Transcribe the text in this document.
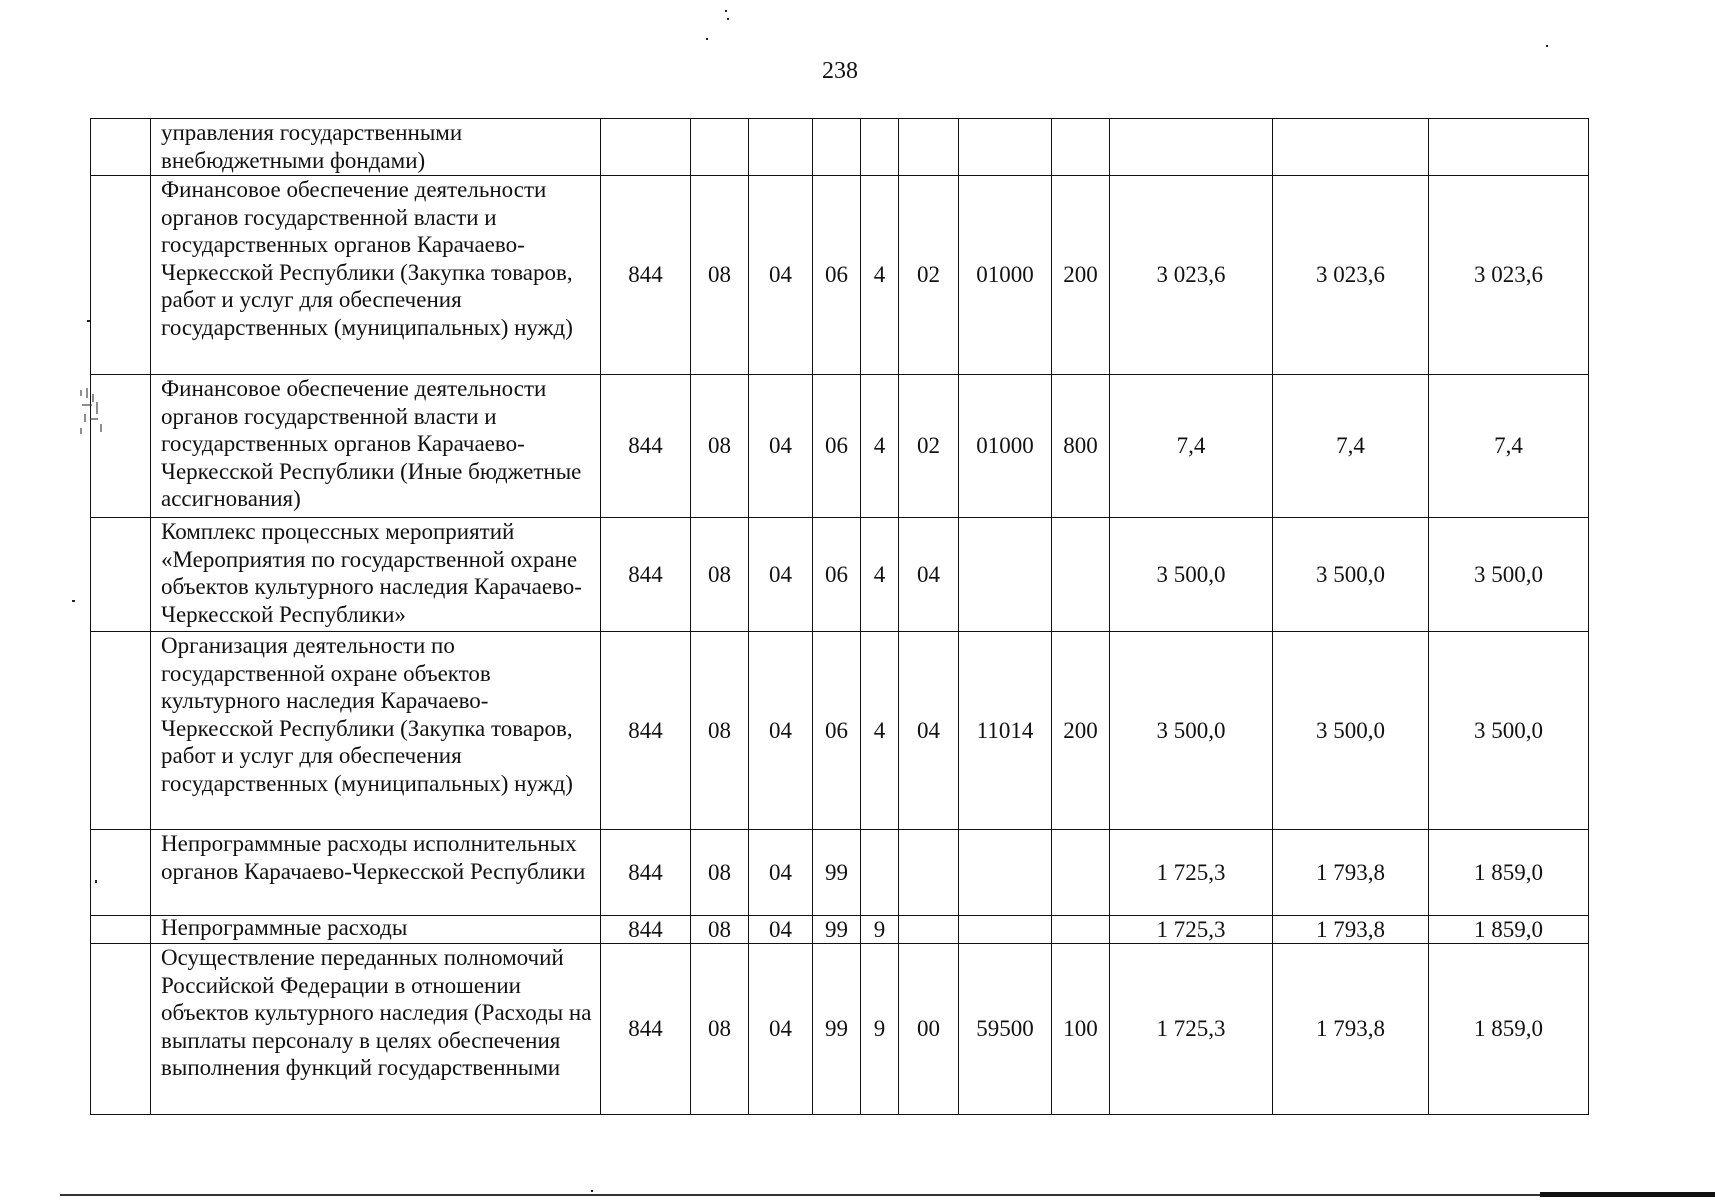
238
	управления государственными внебюджетными фондами)											
	Финансовое обеспечение деятельности органов государственной власти и государственных органов Карачаево-Черкесской Республики (Закупка товаров, работ и услуг для обеспечения государственных (муниципальных) нужд)	844	08	04	06	4	02	01000	200	3 023,6	3 023,6	3 023,6
	Финансовое обеспечение деятельности органов государственной власти и государственных органов Карачаево-Черкесской Республики (Иные бюджетные ассигнования)	844	08	04	06	4	02	01000	800	7,4	7,4	7,4
	Комплекс процессных мероприятий «Мероприятия по государственной охране объектов культурного наследия Карачаево-Черкесской Республики»	844	08	04	06	4	04			3 500,0	3 500,0	3 500,0
	Организация деятельности по государственной охране объектов культурного наследия Карачаево-Черкесской Республики (Закупка товаров, работ и услуг для обеспечения государственных (муниципальных) нужд)	844	08	04	06	4	04	11014	200	3 500,0	3 500,0	3 500,0
	Непрограммные расходы исполнительных органов Карачаево-Черкесской Республики	844	08	04	99					1 725,3	1 793,8	1 859,0
	Непрограммные расходы	844	08	04	99	9				1 725,3	1 793,8	1 859,0
	Осуществление переданных полномочий Российской Федерации в отношении объектов культурного наследия (Расходы на выплаты персоналу в целях обеспечения выполнения функций государственными	844	08	04	99	9	00	59500	100	1 725,3	1 793,8	1 859,0
